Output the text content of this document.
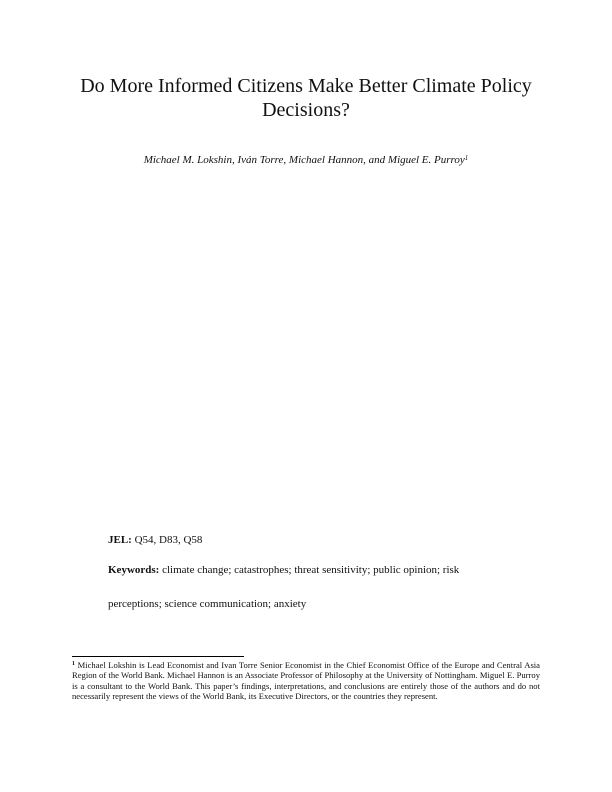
Do More Informed Citizens Make Better Climate Policy Decisions?
Michael M. Lokshin, Iván Torre, Michael Hannon, and Miguel E. Purroy$^1$
JEL: Q54, D83, Q58
Keywords: climate change; catastrophes; threat sensitivity; public opinion; risk
perceptions; science communication; anxiety
$^1$ Michael Lokshin is Lead Economist and Ivan Torre Senior Economist in the Chief Economist Office of the Europe and Central Asia Region of the World Bank. Michael Hannon is an Associate Professor of Philosophy at the University of Nottingham. Miguel E. Purroy is a consultant to the World Bank. This paper’s findings, interpretations, and conclusions are entirely those of the authors and do not necessarily represent the views of the World Bank, its Executive Directors, or the countries they represent.
